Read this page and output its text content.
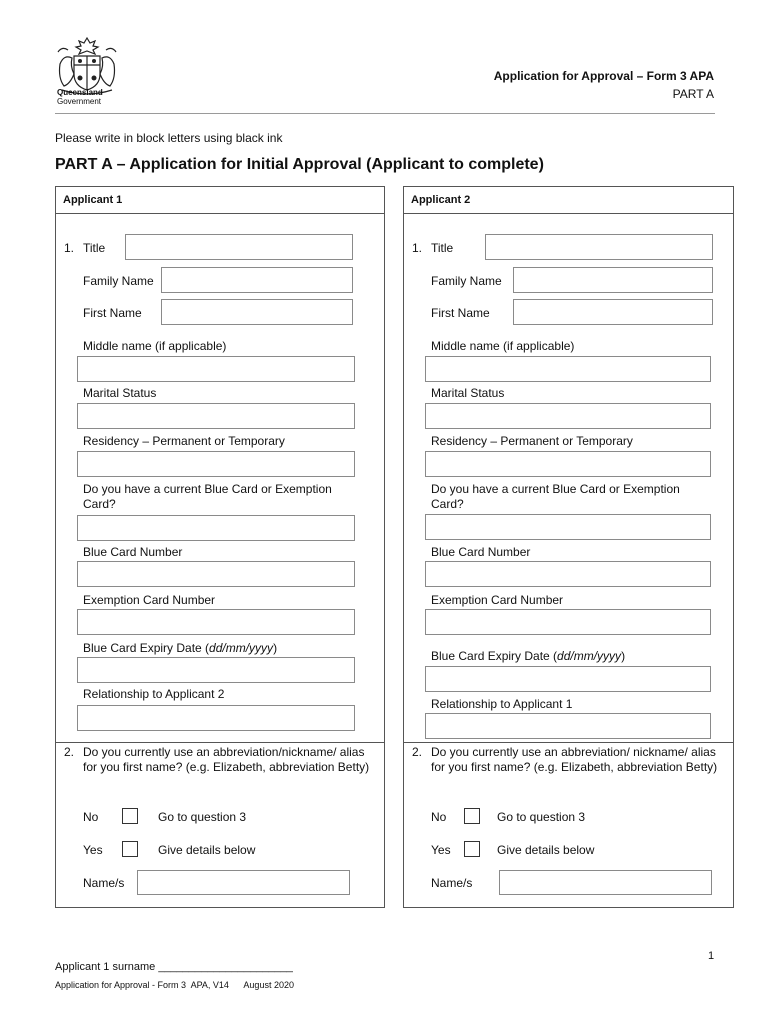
Queensland
Government
Application for Approval – Form 3 APA
PART A
Please write in block letters using black ink
PART A – Application for Initial Approval (Applicant to complete)
Applicant 1
1. Title
Family Name
First Name
Middle name (if applicable)
Marital Status
Residency – Permanent or Temporary
Do you have a current Blue Card or Exemption Card?
Blue Card Number
Exemption Card Number
Blue Card Expiry Date (dd/mm/yyyy)
Relationship to Applicant 2
2. Do you currently use an abbreviation/nickname/ alias for you first name? (e.g. Elizabeth, abbreviation Betty)
No	Go to question 3
Yes	Give details below
Name/s
Applicant 2
1. Title
Family Name
First Name
Middle name (if applicable)
Marital Status
Residency – Permanent or Temporary
Do you have a current Blue Card or Exemption Card?
Blue Card Number
Exemption Card Number
Blue Card Expiry Date (dd/mm/yyyy)
Relationship to Applicant 1
2. Do you currently use an abbreviation/ nickname/ alias for you first name? (e.g. Elizabeth, abbreviation Betty)
No	Go to question 3
Yes	Give details below
Name/s
1
Applicant 1 surname ______________________
Application for Approval - Form 3  APA, V14      August 2020
